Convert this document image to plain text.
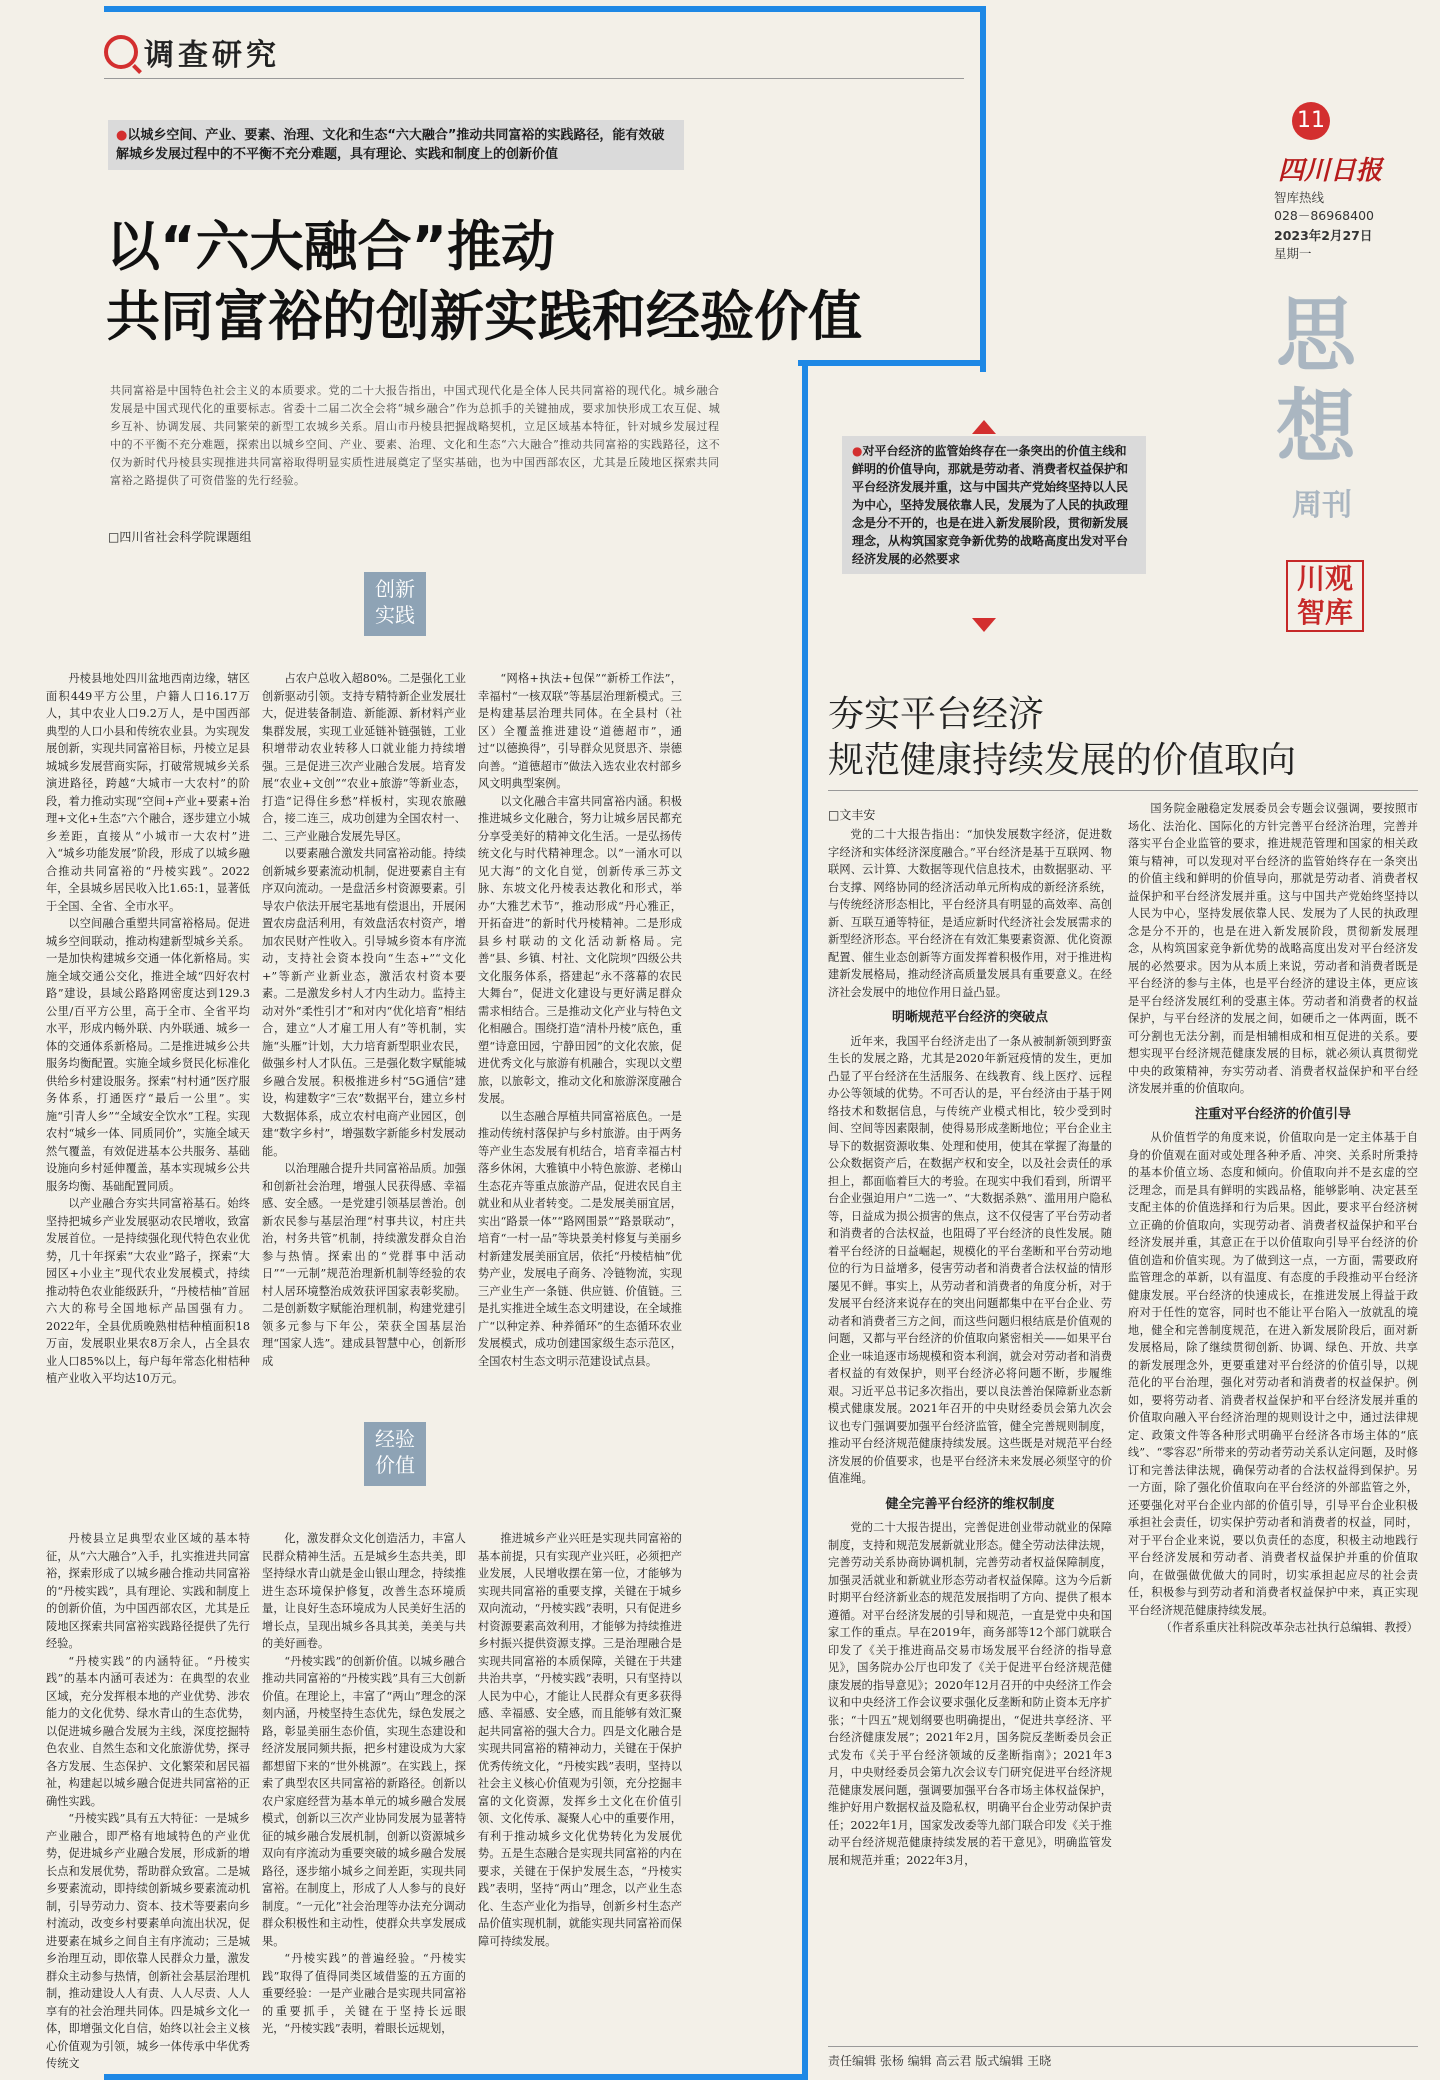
调查研究
●以城乡空间、产业、要素、治理、文化和生态“六大融合”推动共同富裕的实践路径，能有效破解城乡发展过程中的不平衡不充分难题，具有理论、实践和制度上的创新价值
以“六大融合”推动
共同富裕的创新实践和经验价值
共同富裕是中国特色社会主义的本质要求。党的二十大报告指出，中国式现代化是全体人民共同富裕的现代化。城乡融合发展是中国式现代化的重要标志。省委十二届二次全会将“城乡融合”作为总抓手的关键抽成，要求加快形成工农互促、城乡互补、协调发展、共同繁荣的新型工农城乡关系。眉山市丹棱县把握战略契机，立足区域基本特征，针对城乡发展过程中的不平衡不充分难题，探索出以城乡空间、产业、要素、治理、文化和生态“六大融合”推动共同富裕的实践路径，这不仅为新时代丹棱县实现推进共同富裕取得明显实质性进展奠定了坚实基础，也为中国西部农区，尤其是丘陵地区探索共同富裕之路提供了可资借鉴的先行经验。
□四川省社会科学院课题组
创新
实践

丹棱县地处四川盆地西南边缘，辖区面积449平方公里，户籍人口16.17万人，其中农业人口9.2万人，是中国西部典型的人口小县和传统农业县。为实现发展创新，实现共同富裕目标，丹棱立足县城城乡发展营商实际，打破常规城乡关系演进路径，跨越“大城市一大农村”的阶段，着力推动实现“空间+产业+要素+治理+文化+生态”六个融合，逐步建立小城乡差距，直接从“小城市一大农村”进入“城乡功能发展”阶段，形成了以城乡融合推动共同富裕的“丹棱实践”。2022年，全县城乡居民收入比1.65:1，显著低于全国、全省、全市水平。

以空间融合重塑共同富裕格局。促进城乡空间联动，推动构建新型城乡关系。一是加快构建城乡交通一体化新格局。实施全域交通公交化，推进全域“四好农村路”建设，县域公路路网密度达到129.3公里/百平方公里，高于全市、全省平均水平，形成内畅外联、内外联通、城乡一体的交通体系新格局。二是推进城乡公共服务均衡配置。实施全域乡贤民化标准化供给乡村建设服务。探索“村村通”医疗服务体系，打通医疗“最后一公里”。实施“引青人乡”“全域安全饮水”工程。实现农村“城乡一体、同质同价”，实施全域天然气覆盖，有效促进基本公共服务、基础设施向乡村延伸覆盖，基本实现城乡公共服务均衡、基础配置同质。

以产业融合夯实共同富裕基石。始终坚持把城乡产业发展驱动农民增收，致富发展首位。一是持续强化现代特色农业优势，几十年探索“大农业”路子，探索“大园区+小业主”现代农业发展模式，持续推动特色农业能级跃升，“丹棱桔柚”首屈六大的称号全国地标产品国强有力。2022年，全县优质晚熟柑桔种植面积18万亩，发展职业果农8万余人，占全县农业人口85%以上，每户每年常态化柑桔种植产业收入平均达10万元。

占农户总收入超80%。二是强化工业创新驱动引领。支持专精特新企业发展壮大，促进装备制造、新能源、新材料产业集群发展，实现工业延链补链强链，工业积增带动农业转移人口就业能力持续增强。三是促进三次产业融合发展。培育发展“农业+文创”“农业+旅游”等新业态，打造“记得住乡愁”样板村，实现农旅融合，接二连三，成功创建为全国农村一、二、三产业融合发展先导区。

以要素融合激发共同富裕动能。持续创新城乡要素流动机制，促进要素自主有序双向流动。一是盘活乡村资源要素。引导农户依法开展宅基地有偿退出，开展闲置农房盘活利用，有效盘活农村资产，增加农民财产性收入。引导城乡资本有序流动，支持社会资本投向“生态+”“文化+”等新产业新业态，激活农村资本要素。二是激发乡村人才内生动力。监持主动对外“柔性引才”和对内“优化培育”相结合，建立“人才雇工用人有”等机制，实施“头雁”计划，大力培育新型职业农民，做强乡村人才队伍。三是强化数字赋能城乡融合发展。积极推进乡村“5G通信”建设，构建数字“三农”数据平台，建立乡村大数据体系，成立农村电商产业园区，创建“数字乡村”，增强数字新能乡村发展动能。

以治理融合提升共同富裕品质。加强和创新社会治理，增强人民获得感、幸福感、安全感。一是党建引领基层善治。创新农民参与基层治理“村事共议，村庄共治，村务共管”机制，持续激发群众自治参与热情。探索出的“党群事中活动日”“一元制”规范治理新机制等经验的农村人居环境整治成效获评国家表彰奖励。二是创新数字赋能治理机制，构建党建引领多元参与下年公，荣获全国基层治理“国家人选”。建成县智慧中心，创新形成

“网格+执法+包保”“新桥工作法”，幸福村“一核双联”等基层治理新模式。三是构建基层治理共同体。在全县村（社区）全覆盖推进建设“道德超市”，通过“以德换得”，引导群众见贤思齐、崇德向善。“道德超市”做法入选农业农村部乡风文明典型案例。

以文化融合丰富共同富裕内涵。积极推进城乡文化融合，努力让城乡居民都充分享受美好的精神文化生活。一是弘扬传统文化与时代精神理念。以“一涌水可以见大海”的文化自觉，创新传承三苏文脉、东坡文化丹棱表达教化和形式，举办“大雅艺术节”，推动形成“丹心雅正，开拓奋进”的新时代丹棱精神。二是形成县乡村联动的文化活动新格局。完善“县、乡镇、村社、文化院坝”四级公共文化服务体系，搭建起“永不落幕的农民大舞台”，促进文化建设与更好满足群众需求相结合。三是推动文化产业与特色文化相融合。围绕打造“清朴丹棱”底色，重塑“诗意田园，宁静田园”的文化农旅，促进优秀文化与旅游有机融合，实现以文塑旅，以旅彰文，推动文化和旅游深度融合发展。

以生态融合厚植共同富裕底色。一是推动传统村落保护与乡村旅游。由于两务等产业生态发展有机结合，培育幸福古村落乡休闲，大雅镇中小特色旅游、老梯山生态花卉等重点旅游产品，促进农民自主就业和从业者转变。二是发展美丽宜居，实出“路景一体”“路网围景”“路景联动”，培育“一村一品”等块景美村修复与美丽乡村新建发展美丽宜居，依托“丹棱桔柚”优势产业，发展电子商务、冷链物流，实现三产业生产一条链、供应链、价值链。三是扎实推进全域生态文明建设，在全域推广“以种定养、种养循环”的生态循环农业发展模式，成功创建国家级生态示范区，全国农村生态文明示范建设试点县。

经验
价值

丹棱县立足典型农业区域的基本特征，从“六大融合”入手，扎实推进共同富裕，探索形成了以城乡融合推动共同富裕的“丹棱实践”，具有理论、实践和制度上的创新价值，为中国西部农区，尤其是丘陵地区探索共同富裕实践路径提供了先行经验。

“丹棱实践”的内涵特征。“丹棱实践”的基本内涵可表述为：在典型的农业区域，充分发挥根本地的产业优势、涉农能力的文化优势、绿水青山的生态优势，以促进城乡融合发展为主线，深度挖掘特色农业、自然生态和文化旅游优势，探寻各方发展、生态保护、文化繁荣和居民福祉，构建起以城乡融合促进共同富裕的正确性实践。

“丹棱实践”具有五大特征：一是城乡产业融合，即严格有地域特色的产业优势，促进城乡产业融合发展，形成新的增长点和发展优势，帮助群众致富。二是城乡要素流动，即持续创新城乡要素流动机制，引导劳动力、资本、技术等要素向乡村流动，改变乡村要素单向流出状况，促进要素在城乡之间自主有序流动；三是城乡治理互动，即依靠人民群众力量，激发群众主动参与热情，创新社会基层治理机制，推动建设人人有责、人人尽责、人人享有的社会治理共同体。四是城乡文化一体，即增强文化自信，始终以社会主义核心价值观为引领，城乡一体传承中华优秀传统文

化，激发群众文化创造活力，丰富人民群众精神生活。五是城乡生态共美，即坚持绿水青山就是金山银山理念，持续推进生态环境保护修复，改善生态环境质量，让良好生态环境成为人民美好生活的增长点，呈现出城乡各具其美，美美与共的美好画卷。

“丹棱实践”的创新价值。以城乡融合推动共同富裕的“丹棱实践”具有三大创新价值。在理论上，丰富了“两山”理念的深刻内涵，丹棱坚持生态优先，绿色发展之路，彰显美丽生态价值，实现生态建设和经济发展同频共振，把乡村建设成为大家都想留下来的“世外桃源”。在实践上，探索了典型农区共同富裕的新路径。创新以农户家庭经营为基本单元的城乡融合发展模式，创新以三次产业协同发展为显著特征的城乡融合发展机制，创新以资源城乡双向有序流动为重要突破的城乡融合发展路径，逐步缩小城乡之间差距，实现共同富裕。在制度上，形成了人人参与的良好制度。“一元化”社会治理等办法充分调动群众积极性和主动性，使群众共享发展成果。

“丹棱实践”的普遍经验。“丹棱实践”取得了值得同类区域借鉴的五方面的重要经验：一是产业融合是实现共同富裕的重要抓手，关键在于坚持长远眼光，“丹棱实践”表明，着眼长远规划，

推进城乡产业兴旺是实现共同富裕的基本前提，只有实现产业兴旺，必须把产业发展，人民增收摆在第一位，才能够为实现共同富裕的重要支撑，关键在于城乡双向流动，“丹棱实践”表明，只有促进乡村资源要素高效利用，才能够为持续推进乡村振兴提供资源支撑。三是治理融合是实现共同富裕的本质保障，关键在于共建共治共享，“丹棱实践”表明，只有坚持以人民为中心，才能让人民群众有更多获得感、幸福感、安全感，而且能够有效汇聚起共同富裕的强大合力。四是文化融合是实现共同富裕的精神动力，关键在于保护优秀传统文化，“丹棱实践”表明，坚持以社会主义核心价值观为引领，充分挖掘丰富的文化资源，发挥乡土文化在价值引领、文化传承、凝聚人心中的重要作用，有利于推动城乡文化优势转化为发展优势。五是生态融合是实现共同富裕的内在要求，关键在于保护发展生态，“丹棱实践”表明，坚持“两山”理念，以产业生态化、生态产业化为指导，创新乡村生态产品价值实现机制，就能实现共同富裕而保障可持续发展。

11
四川日报
智库热线
028－86968400
2023年2月27日
星期一
思
想
周刊
川观
智库
●对平台经济的监管始终存在一条突出的价值主线和鲜明的价值导向，那就是劳动者、消费者权益保护和平台经济发展并重，这与中国共产党始终坚持以人民为中心，坚持发展依靠人民，发展为了人民的执政理念是分不开的，也是在进入新发展阶段，贯彻新发展理念，从构筑国家竞争新优势的战略高度出发对平台经济发展的必然要求
夯实平台经济
规范健康持续发展的价值取向
□文丰安

党的二十大报告指出：“加快发展数字经济，促进数字经济和实体经济深度融合。”平台经济是基于互联网、物联网、云计算、大数据等现代信息技术，由数据驱动、平台支撑、网络协同的经济活动单元所构成的新经济系统，与传统经济形态相比，平台经济具有明显的高效率、高创新、互联互通等特征，是适应新时代经济社会发展需求的新型经济形态。平台经济在有效汇集要素资源、优化资源配置、催生业态创新等方面发挥着积极作用，对于推进构建新发展格局，推动经济高质量发展具有重要意义。在经济社会发展中的地位作用日益凸显。

明晰规范平台经济的突破点

近年来，我国平台经济走出了一条从被制新领到野蛮生长的发展之路，尤其是2020年新冠疫情的发生，更加凸显了平台经济在生活服务、在线教育、线上医疗、远程办公等领域的优势。不可否认的是，平台经济由于基于网络技术和数据信息，与传统产业模式相比，较少受到时间、空间等因素限制，使得易形成垄断地位；平台企业主导下的数据资源收集、处理和使用，使其在掌握了海量的公众数据资产后，在数据产权和安全，以及社会责任的承担上，都面临着巨大的考验。在现实中我们看到，所谓平台企业强迫用户“二选一”、“大数据杀熟”、滥用用户隐私等，日益成为损公损害的焦点，这不仅侵害了平台劳动者和消费者的合法权益，也阻碍了平台经济的良性发展。随着平台经济的日益崛起，规模化的平台垄断和平台劳动地位的行为日益增多，侵害劳动者和消费者合法权益的情形屡见不鲜。事实上，从劳动者和消费者的角度分析，对于发展平台经济来说存在的突出问题都集中在平台企业、劳动者和消费者三方之间，而这些问题归根结底是价值观的问题，又都与平台经济的价值取向紧密相关——如果平台企业一味追逐市场规模和资本利润，就会对劳动者和消费者权益的有效保护，则平台经济必将问题不断，步履维艰。习近平总书记多次指出，要以良法善治保障新业态新模式健康发展。2021年召开的中央财经委员会第九次会议也专门强调要加强平台经济监管，健全完善规则制度，推动平台经济规范健康持续发展。这些既是对规范平台经济发展的价值要求，也是平台经济未来发展必须坚守的价值准绳。

健全完善平台经济的维权制度

党的二十大报告提出，完善促进创业带动就业的保障制度，支持和规范发展新就业形态。健全劳动法律法规，完善劳动关系协商协调机制，完善劳动者权益保障制度，加强灵活就业和新就业形态劳动者权益保障。这为今后新时期平台经济新业态的规范发展指明了方向、提供了根本遵循。对平台经济发展的引导和规范，一直是党中央和国家工作的重点。早在2019年，商务部等12个部门就联合印发了《关于推进商品交易市场发展平台经济的指导意见》，国务院办公厅也印发了《关于促进平台经济规范健康发展的指导意见》；2020年12月召开的中央经济工作会议和中央经济工作会议要求强化反垄断和防止资本无序扩张；“十四五”规划纲要也明确提出，“促进共享经济、平台经济健康发展”；2021年2月，国务院反垄断委员会正式发布《关于平台经济领域的反垄断指南》；2021年3月，中央财经委员会第九次会议专门研究促进平台经济规范健康发展问题，强调要加强平台各市场主体权益保护，维护好用户数据权益及隐私权，明确平台企业劳动保护责任；2022年1月，国家发改委等九部门联合印发《关于推动平台经济规范健康持续发展的若干意见》，明确监管发展和规范并重；2022年3月，

国务院金融稳定发展委员会专题会议强调，要按照市场化、法治化、国际化的方针完善平台经济治理，完善并落实平台企业监管的要求，推进规范管理和国家的相关政策与精神，可以发现对平台经济的监管始终存在一条突出的价值主线和鲜明的价值导向，那就是劳动者、消费者权益保护和平台经济发展并重。这与中国共产党始终坚持以人民为中心，坚持发展依靠人民、发展为了人民的执政理念是分不开的，也是在进入新发展阶段，贯彻新发展理念，从构筑国家竞争新优势的战略高度出发对平台经济发展的必然要求。因为从本质上来说，劳动者和消费者既是平台经济的参与主体，也是平台经济的建设主体，更应该是平台经济发展红利的受惠主体。劳动者和消费者的权益保护，与平台经济的发展之间，如硬币之一体两面，既不可分割也无法分割，而是相辅相成和相互促进的关系。要想实现平台经济规范健康发展的目标，就必须认真贯彻党中央的政策精神，夯实劳动者、消费者权益保护和平台经济发展并重的价值取向。

注重对平台经济的价值引导

从价值哲学的角度来说，价值取向是一定主体基于自身的价值观在面对或处理各种矛盾、冲突、关系时所秉持的基本价值立场、态度和倾向。价值取向并不是玄虚的空泛理念，而是具有鲜明的实践品格，能够影响、决定甚至支配主体的价值选择和行为后果。因此，要求平台经济树立正确的价值取向，实现劳动者、消费者权益保护和平台经济发展并重，其意正在于以价值取向引导平台经济的价值创造和价值实现。为了做到这一点，一方面，需要政府监管理念的革新，以有温度、有态度的手段推动平台经济健康发展。平台经济的快速成长，在推进发展上得益于政府对于任性的宽容，同时也不能让平台陷入一放就乱的境地，健全和完善制度规范，在进入新发展阶段后，面对新发展格局，除了继续贯彻创新、协调、绿色、开放、共享的新发展理念外，更要重建对平台经济的价值引导，以规范化的平台治理，强化对劳动者和消费者的权益保护。例如，要将劳动者、消费者权益保护和平台经济发展并重的价值取向融入平台经济治理的规则设计之中，通过法律规定、政策文件等各种形式明确平台经济各市场主体的“底线”、“零容忍”所带来的劳动者劳动关系认定问题，及时修订和完善法律法规，确保劳动者的合法权益得到保护。另一方面，除了强化价值取向在平台经济的外部监管之外，还要强化对平台企业内部的价值引导，引导平台企业积极承担社会责任，切实保护劳动者和消费者的权益，同时，对于平台企业来说，要以负责任的态度，积极主动地践行平台经济发展和劳动者、消费者权益保护并重的价值取向，在做强做优做大的同时，切实承担起应尽的社会责任，积极参与到劳动者和消费者权益保护中来，真正实现平台经济规范健康持续发展。

（作者系重庆社科院改革杂志社执行总编辑、教授）

责任编辑 张杨 编辑 高云君 版式编辑 王晓
